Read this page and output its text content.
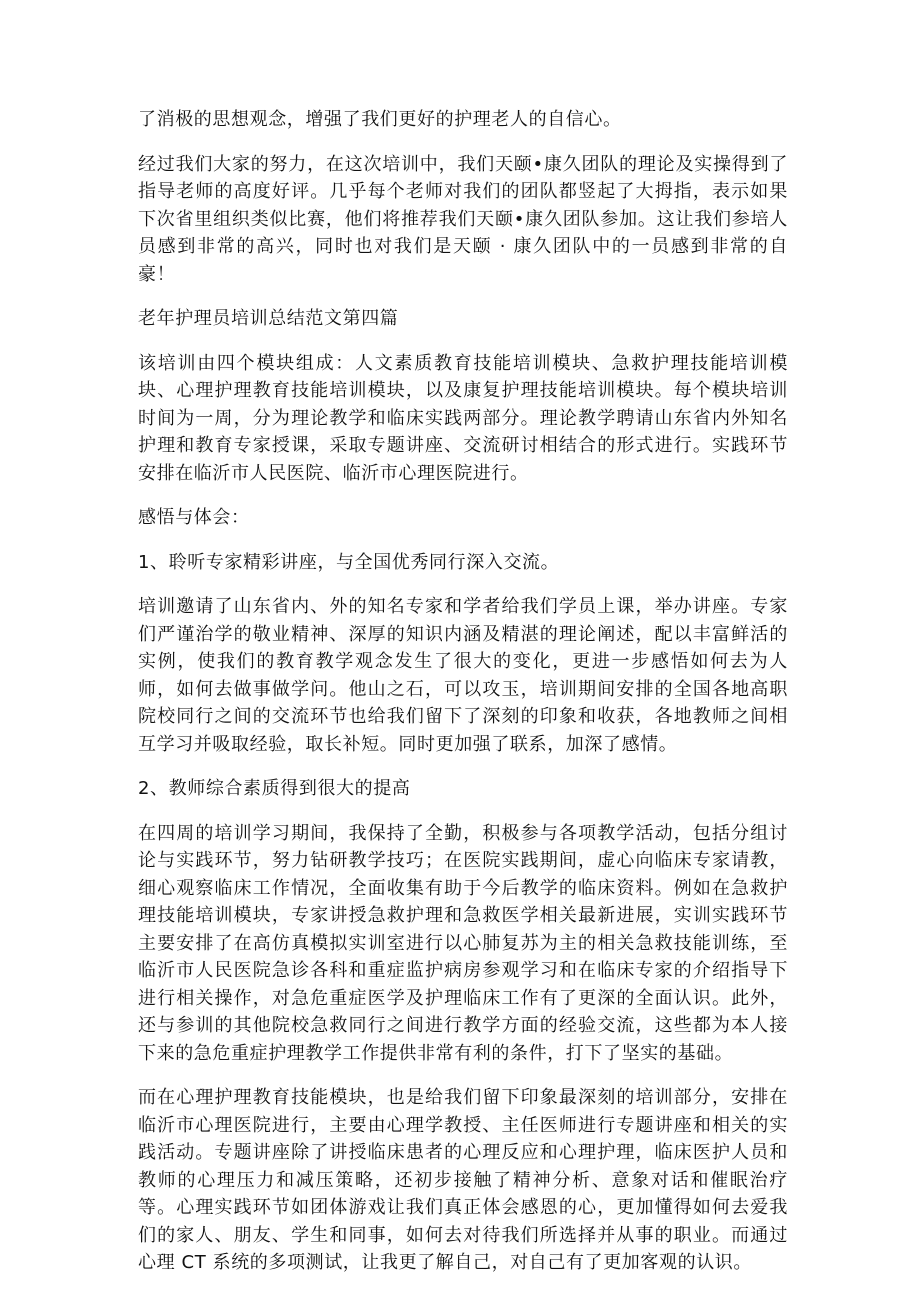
了消极的思想观念，增强了我们更好的护理老人的自信心。

经过我们大家的努力，在这次培训中，我们天颐•康久团队的理论及实操得到了指导老师的高度好评。几乎每个老师对我们的团队都竖起了大拇指，表示如果下次省里组织类似比赛，他们将推荐我们天颐•康久团队参加。这让我们参培人员感到非常的高兴，同时也对我们是天颐 · 康久团队中的一员感到非常的自豪！

老年护理员培训总结范文第四篇

该培训由四个模块组成：人文素质教育技能培训模块、急救护理技能培训模块、心理护理教育技能培训模块，以及康复护理技能培训模块。每个模块培训时间为一周，分为理论教学和临床实践两部分。理论教学聘请山东省内外知名护理和教育专家授课，采取专题讲座、交流研讨相结合的形式进行。实践环节安排在临沂市人民医院、临沂市心理医院进行。

感悟与体会：

1、聆听专家精彩讲座，与全国优秀同行深入交流。

培训邀请了山东省内、外的知名专家和学者给我们学员上课，举办讲座。专家们严谨治学的敬业精神、深厚的知识内涵及精湛的理论阐述，配以丰富鲜活的实例，使我们的教育教学观念发生了很大的变化，更进一步感悟如何去为人师，如何去做事做学问。他山之石，可以攻玉，培训期间安排的全国各地高职院校同行之间的交流环节也给我们留下了深刻的印象和收获，各地教师之间相互学习并吸取经验，取长补短。同时更加强了联系，加深了感情。

2、教师综合素质得到很大的提高

在四周的培训学习期间，我保持了全勤，积极参与各项教学活动，包括分组讨论与实践环节，努力钻研教学技巧；在医院实践期间，虚心向临床专家请教，细心观察临床工作情况，全面收集有助于今后教学的临床资料。例如在急救护理技能培训模块，专家讲授急救护理和急救医学相关最新进展，实训实践环节主要安排了在高仿真模拟实训室进行以心肺复苏为主的相关急救技能训练，至临沂市人民医院急诊各科和重症监护病房参观学习和在临床专家的介绍指导下进行相关操作，对急危重症医学及护理临床工作有了更深的全面认识。此外，还与参训的其他院校急救同行之间进行教学方面的经验交流，这些都为本人接下来的急危重症护理教学工作提供非常有利的条件，打下了坚实的基础。

而在心理护理教育技能模块，也是给我们留下印象最深刻的培训部分，安排在临沂市心理医院进行，主要由心理学教授、主任医师进行专题讲座和相关的实践活动。专题讲座除了讲授临床患者的心理反应和心理护理，临床医护人员和教师的心理压力和减压策略，还初步接触了精神分析、意象对话和催眠治疗等。心理实践环节如团体游戏让我们真正体会感恩的心，更加懂得如何去爱我们的家人、朋友、学生和同事，如何去对待我们所选择并从事的职业。而通过心理 CT 系统的多项测试，让我更了解自己，对自己有了更加客观的认识。
